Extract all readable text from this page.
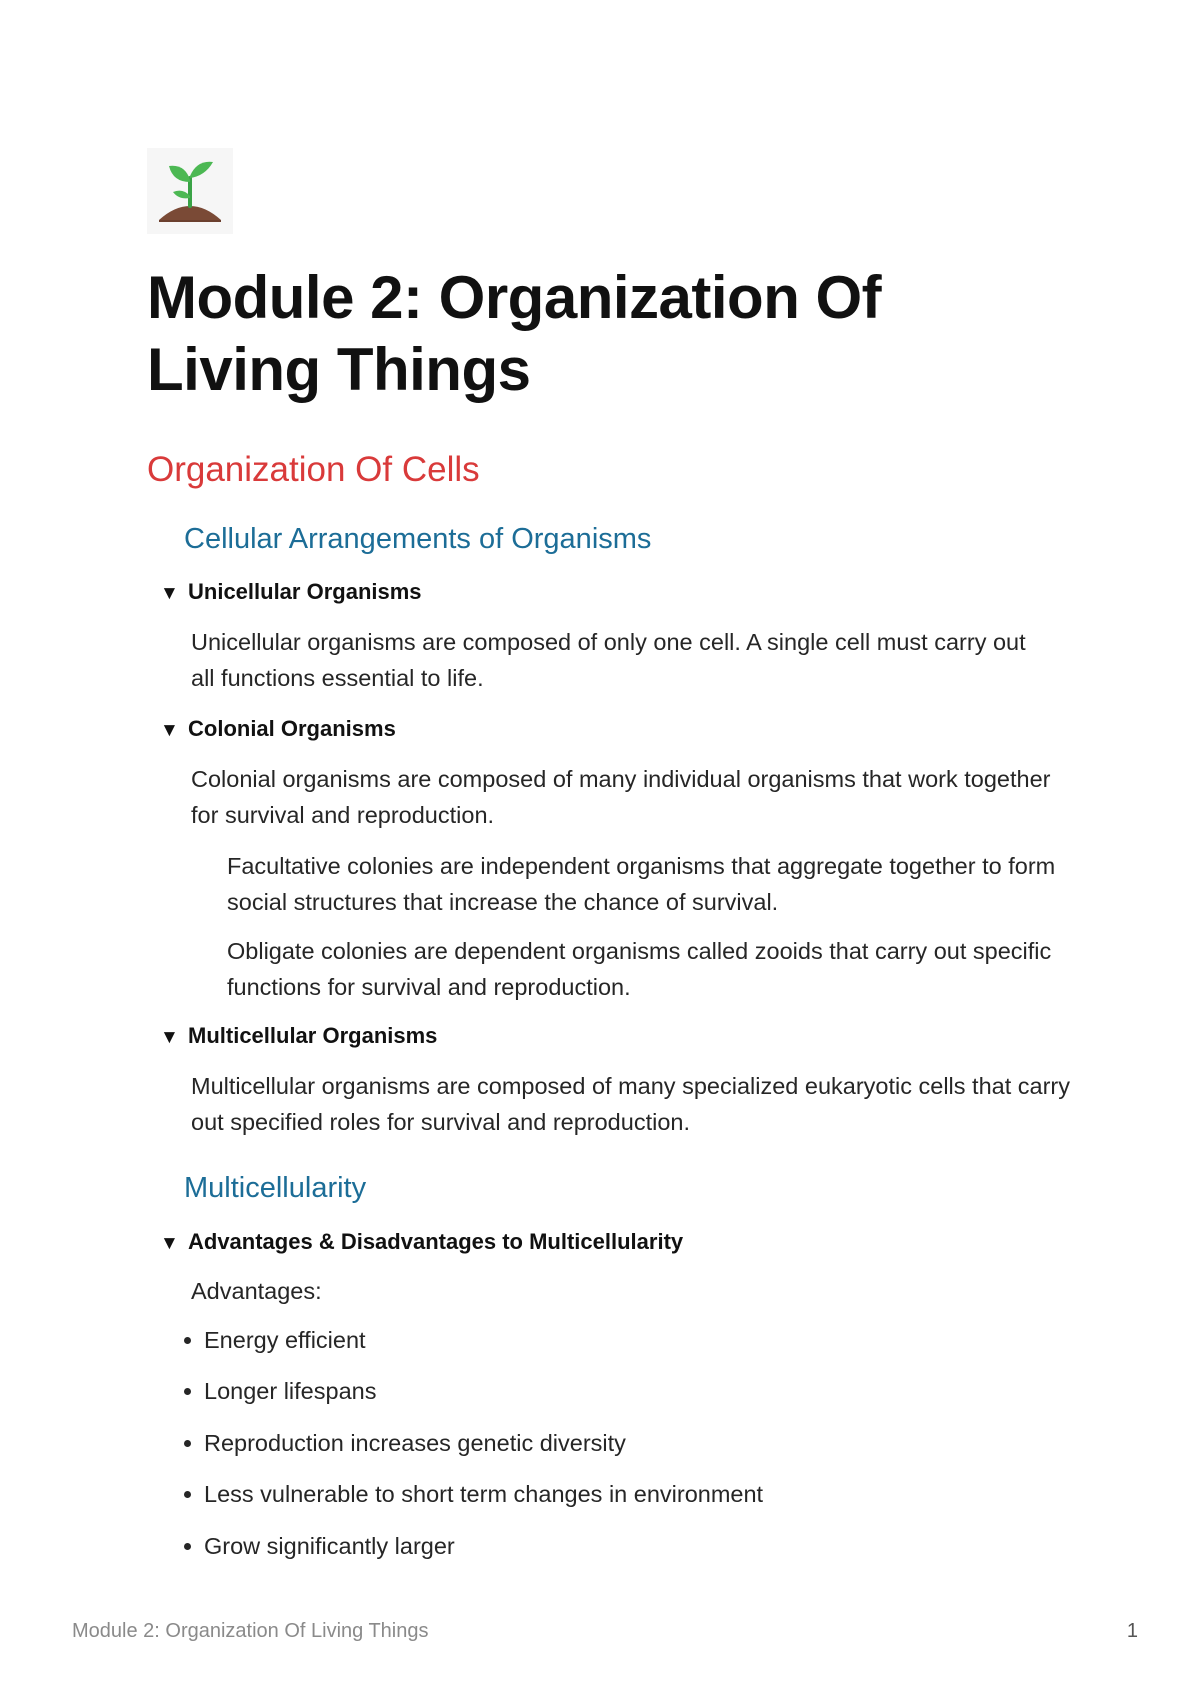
Module 2: Organization Of Living Things
Organization Of Cells
Cellular Arrangements of Organisms
▼ Unicellular Organisms

Unicellular organisms are composed of only one cell. A single cell must carry out all functions essential to life.

▼ Colonial Organisms

Colonial organisms are composed of many individual organisms that work together for survival and reproduction.

Facultative colonies are independent organisms that aggregate together to form social structures that increase the chance of survival.

Obligate colonies are dependent organisms called zooids that carry out specific functions for survival and reproduction.

▼ Multicellular Organisms

Multicellular organisms are composed of many specialized eukaryotic cells that carry out specified roles for survival and reproduction.

Multicellularity
▼ Advantages & Disadvantages to Multicellularity

Advantages:

Energy efficient
Longer lifespans
Reproduction increases genetic diversity
Less vulnerable to short term changes in environment
Grow significantly larger
Module 2: Organization Of Living Things	1
